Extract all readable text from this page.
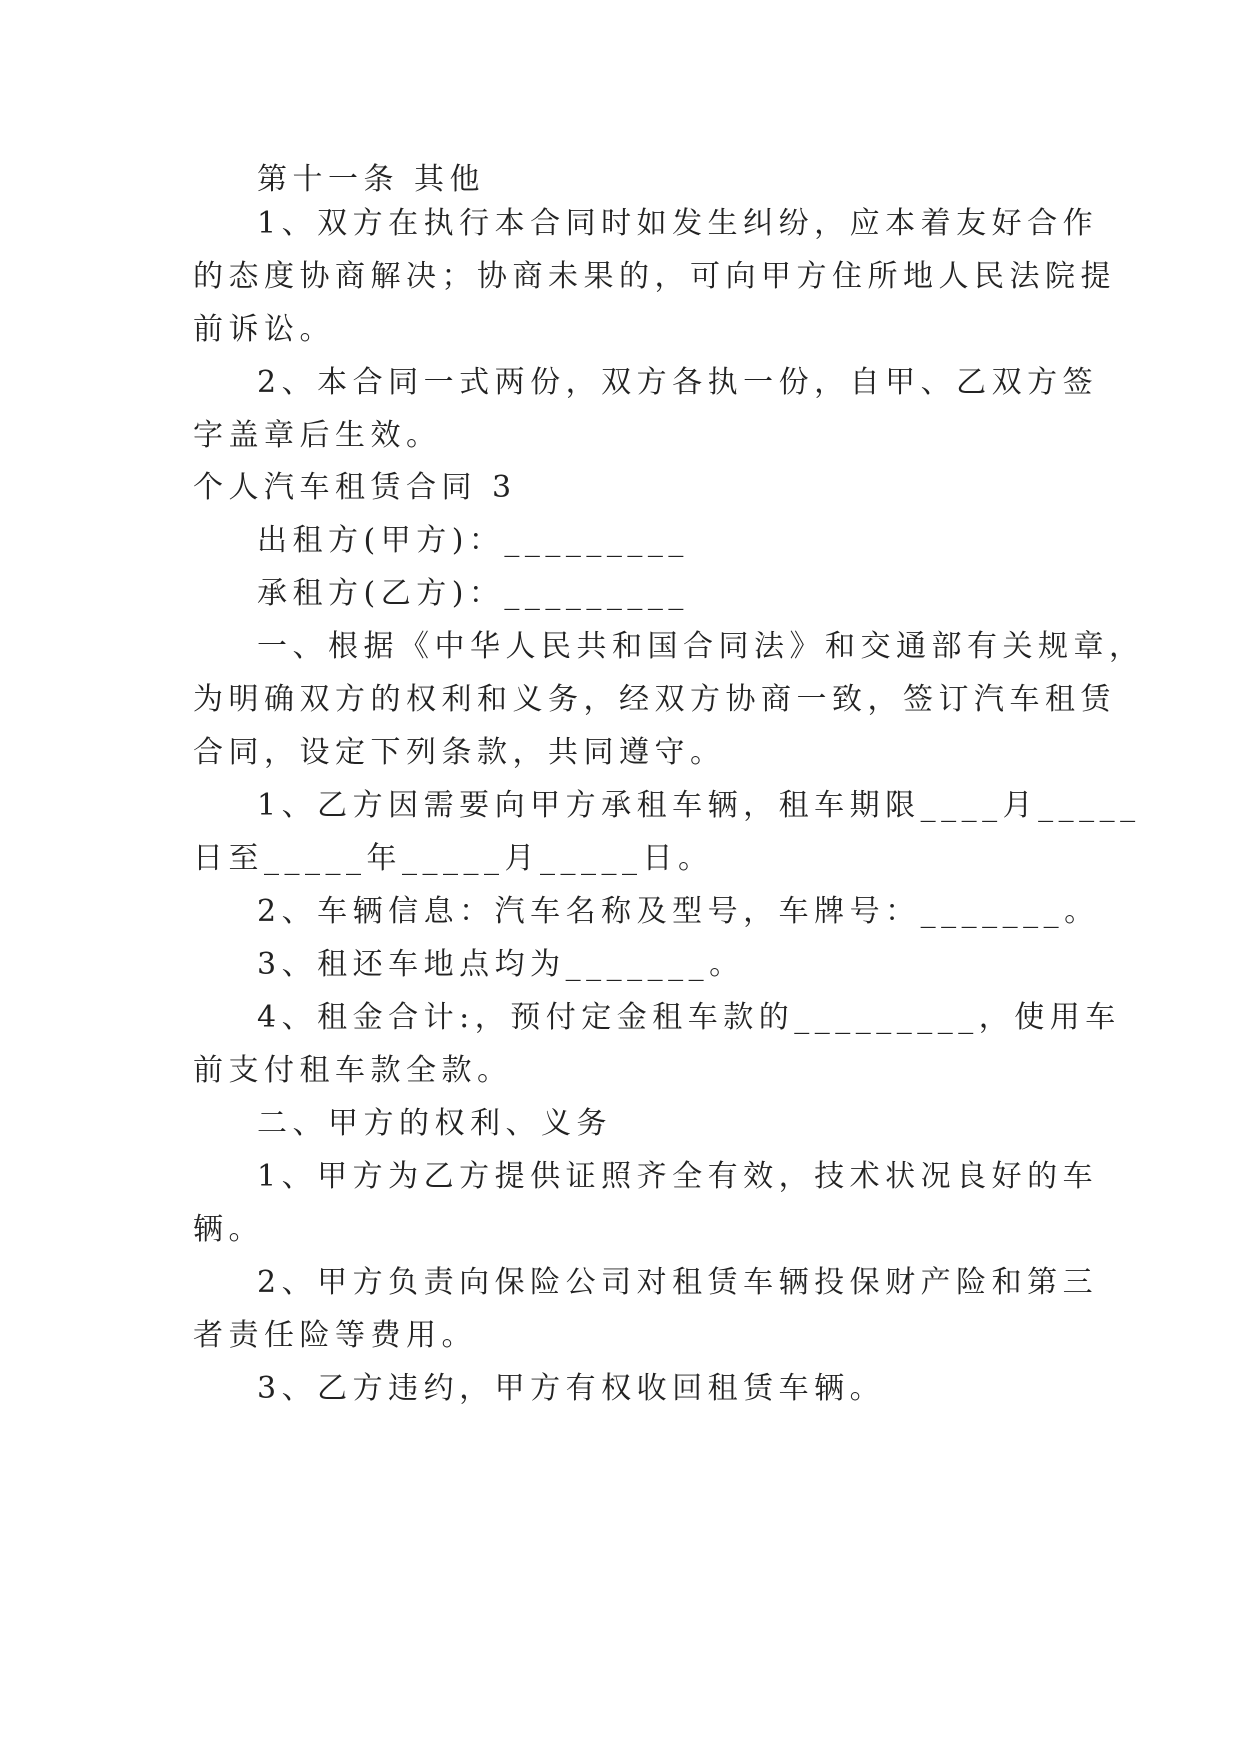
第十一条 其他
1、双方在执行本合同时如发生纠纷，应本着友好合作
的态度协商解决；协商未果的，可向甲方住所地人民法院提
前诉讼。
2、本合同一式两份，双方各执一份，自甲、乙双方签
字盖章后生效。
个人汽车租赁合同 3
出租方(甲方)：_________
承租方(乙方)：_________
一、根据《中华人民共和国合同法》和交通部有关规章，
为明确双方的权利和义务，经双方协商一致，签订汽车租赁
合同，设定下列条款，共同遵守。
1、乙方因需要向甲方承租车辆，租车期限____月_____
日至_____年_____月_____日。
2、车辆信息：汽车名称及型号，车牌号：_______。
3、租还车地点均为_______。
4、租金合计:，预付定金租车款的_________，使用车
前支付租车款全款。
二、甲方的权利、义务
1、甲方为乙方提供证照齐全有效，技术状况良好的车
辆。
2、甲方负责向保险公司对租赁车辆投保财产险和第三
者责任险等费用。
3、乙方违约，甲方有权收回租赁车辆。
